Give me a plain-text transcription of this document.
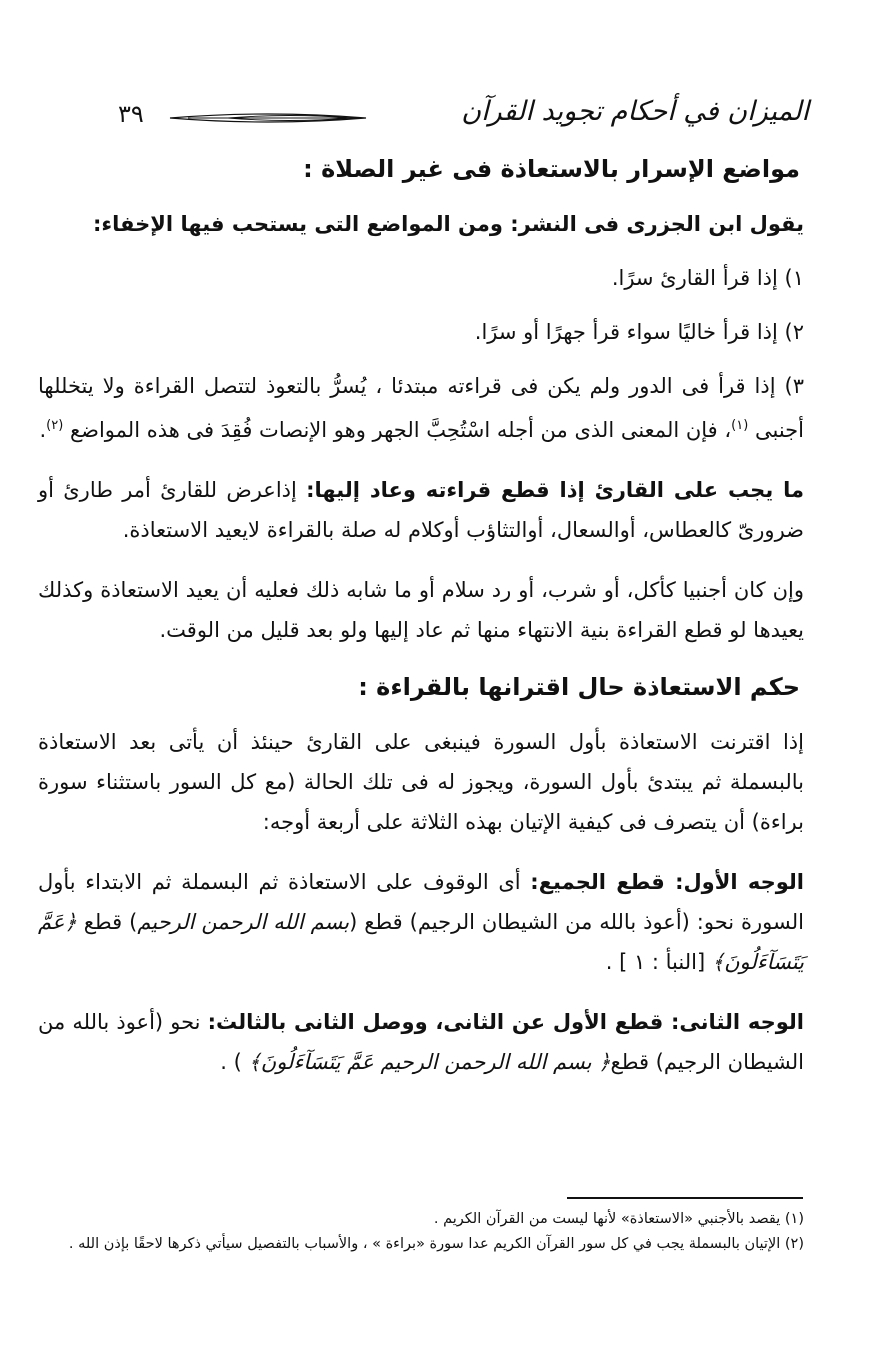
الميزان في أحكام تجويد القرآن
٣٩
مواضع الإسرار بالاستعاذة فى غير الصلاة :

يقول ابن الجزرى فى النشر: ومن المواضع التى يستحب فيها الإخفاء:

١) إذا قرأ القارئ سرًا.

٢) إذا قرأ خاليًا سواء قرأ جهرًا أو سرًا.

٣) إذا قرأ فى الدور ولم يكن فى قراءته مبتدئا ، يُسرُّ بالتعوذ لتتصل القراءة ولا يتخللها أجنبى $^{(١)}$، فإن المعنى الذى من أجله اسْتُحِبَّ الجهر وهو الإنصات فُقِدَ فى هذه المواضع $^{(٢)}$.

ما يجب على القارئ إذا قطع قراءته وعاد إليها: إذاعرض للقارئ أمر طارئ أو ضرورىّ كالعطاس، أوالسعال، أوالتثاؤب أوكلام له صلة بالقراءة لايعيد الاستعاذة.

وإن كان أجنبيا كأكل، أو شرب، أو رد سلام أو ما شابه ذلك فعليه أن يعيد الاستعاذة وكذلك يعيدها لو قطع القراءة بنية الانتهاء منها ثم عاد إليها ولو بعد قليل من الوقت.

حكم الاستعاذة حال اقترانها بالقراءة :

إذا اقترنت الاستعاذة بأول السورة فينبغى على القارئ حينئذ أن يأتى بعد الاستعاذة بالبسملة ثم يبتدئ بأول السورة، ويجوز له فى تلك الحالة (مع كل السور باستثناء سورة براءة) أن يتصرف فى كيفية الإتيان بهذه الثلاثة على أربعة أوجه:

الوجه الأول: قطع الجميع: أى الوقوف على الاستعاذة ثم البسملة ثم الابتداء بأول السورة نحو: (أعوذ بالله من الشيطان الرجيم) قطع (بسم الله الرحمن الرحيم) قطع ﴿عَمَّ يَتَسَآءَلُونَ﴾ [النبأ : ١ ] .

الوجه الثانى: قطع الأول عن الثانى، ووصل الثانى بالثالث: نحو (أعوذ بالله من الشيطان الرجيم) قطع﴿ بسم الله الرحمن الرحيم عَمَّ يَتَسَآءَلُونَ﴾ ) .

(١) يقصد بالأجنبي «الاستعاذة» لأنها ليست من القرآن الكريم .

(٢) الإتيان بالبسملة يجب في كل سور القرآن الكريم عدا سورة «براءة » ، والأسباب بالتفصيل سيأتي ذكرها لاحقًا بإذن الله .
